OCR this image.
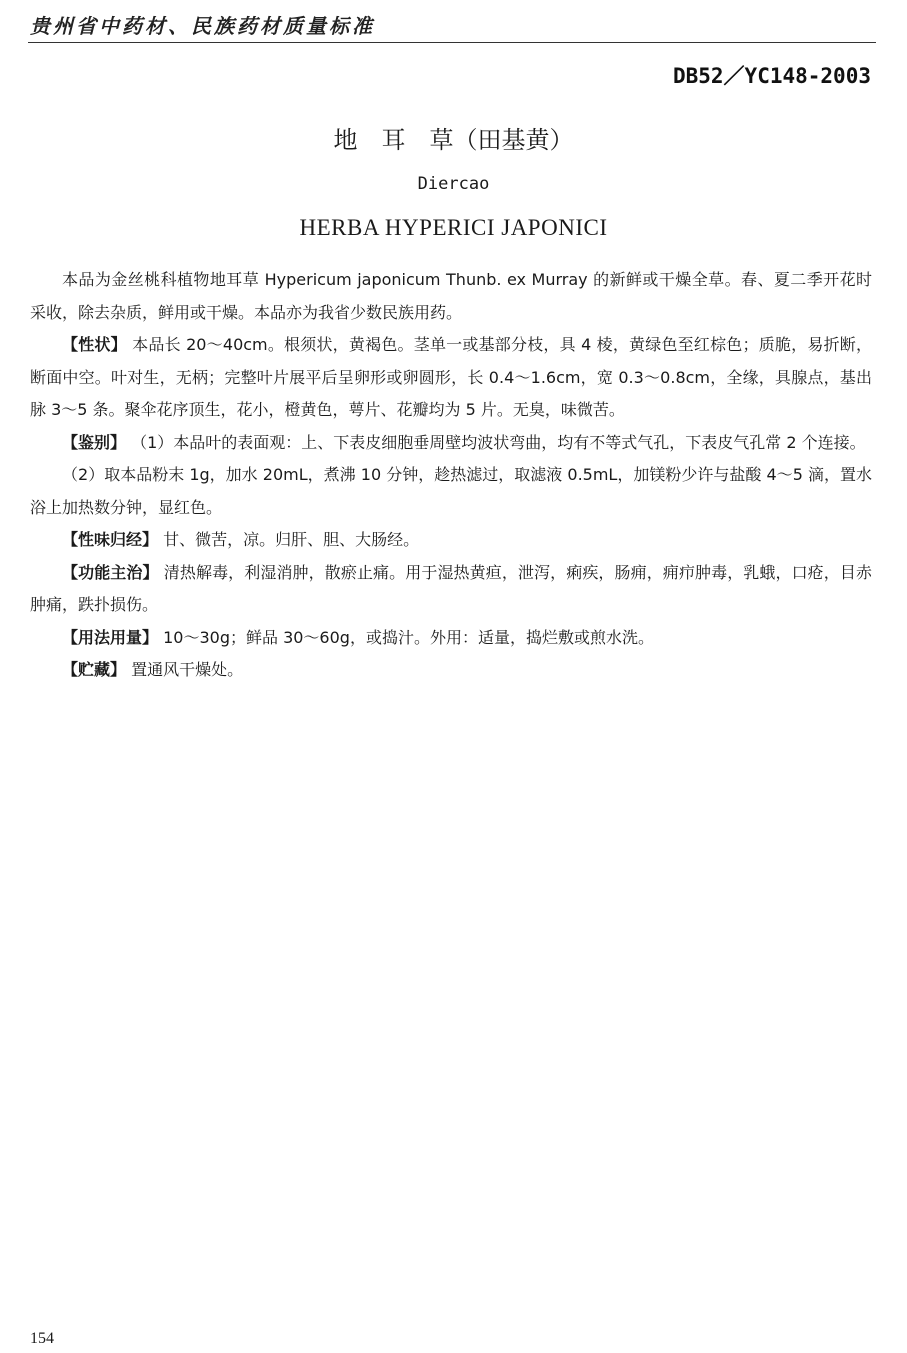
贵州省中药材、民族药材质量标准
DB52／YC148-2003
地　耳　草（田基黄）
Diercao
HERBA HYPERICI JAPONICI

本品为金丝桃科植物地耳草 Hypericum japonicum Thunb. ex Murray 的新鲜或干燥全草。春、夏二季开花时采收，除去杂质，鲜用或干燥。本品亦为我省少数民族用药。

【性状】 本品长 20～40cm。根须状，黄褐色。茎单一或基部分枝，具 4 棱，黄绿色至红棕色；质脆，易折断，断面中空。叶对生，无柄；完整叶片展平后呈卵形或卵圆形，长 0.4～1.6cm，宽 0.3～0.8cm，全缘，具腺点，基出脉 3～5 条。聚伞花序顶生，花小，橙黄色，萼片、花瓣均为 5 片。无臭，味微苦。

【鉴别】 （1）本品叶的表面观：上、下表皮细胞垂周壁均波状弯曲，均有不等式气孔，下表皮气孔常 2 个连接。

（2）取本品粉末 1g，加水 20mL，煮沸 10 分钟，趁热滤过，取滤液 0.5mL，加镁粉少许与盐酸 4～5 滴，置水浴上加热数分钟，显红色。

【性味归经】 甘、微苦，凉。归肝、胆、大肠经。

【功能主治】 清热解毒，利湿消肿，散瘀止痛。用于湿热黄疸，泄泻，痢疾，肠痈，痈疖肿毒，乳蛾，口疮，目赤肿痛，跌扑损伤。

【用法用量】 10～30g；鲜品 30～60g，或捣汁。外用：适量，捣烂敷或煎水洗。

【贮藏】 置通风干燥处。

154
